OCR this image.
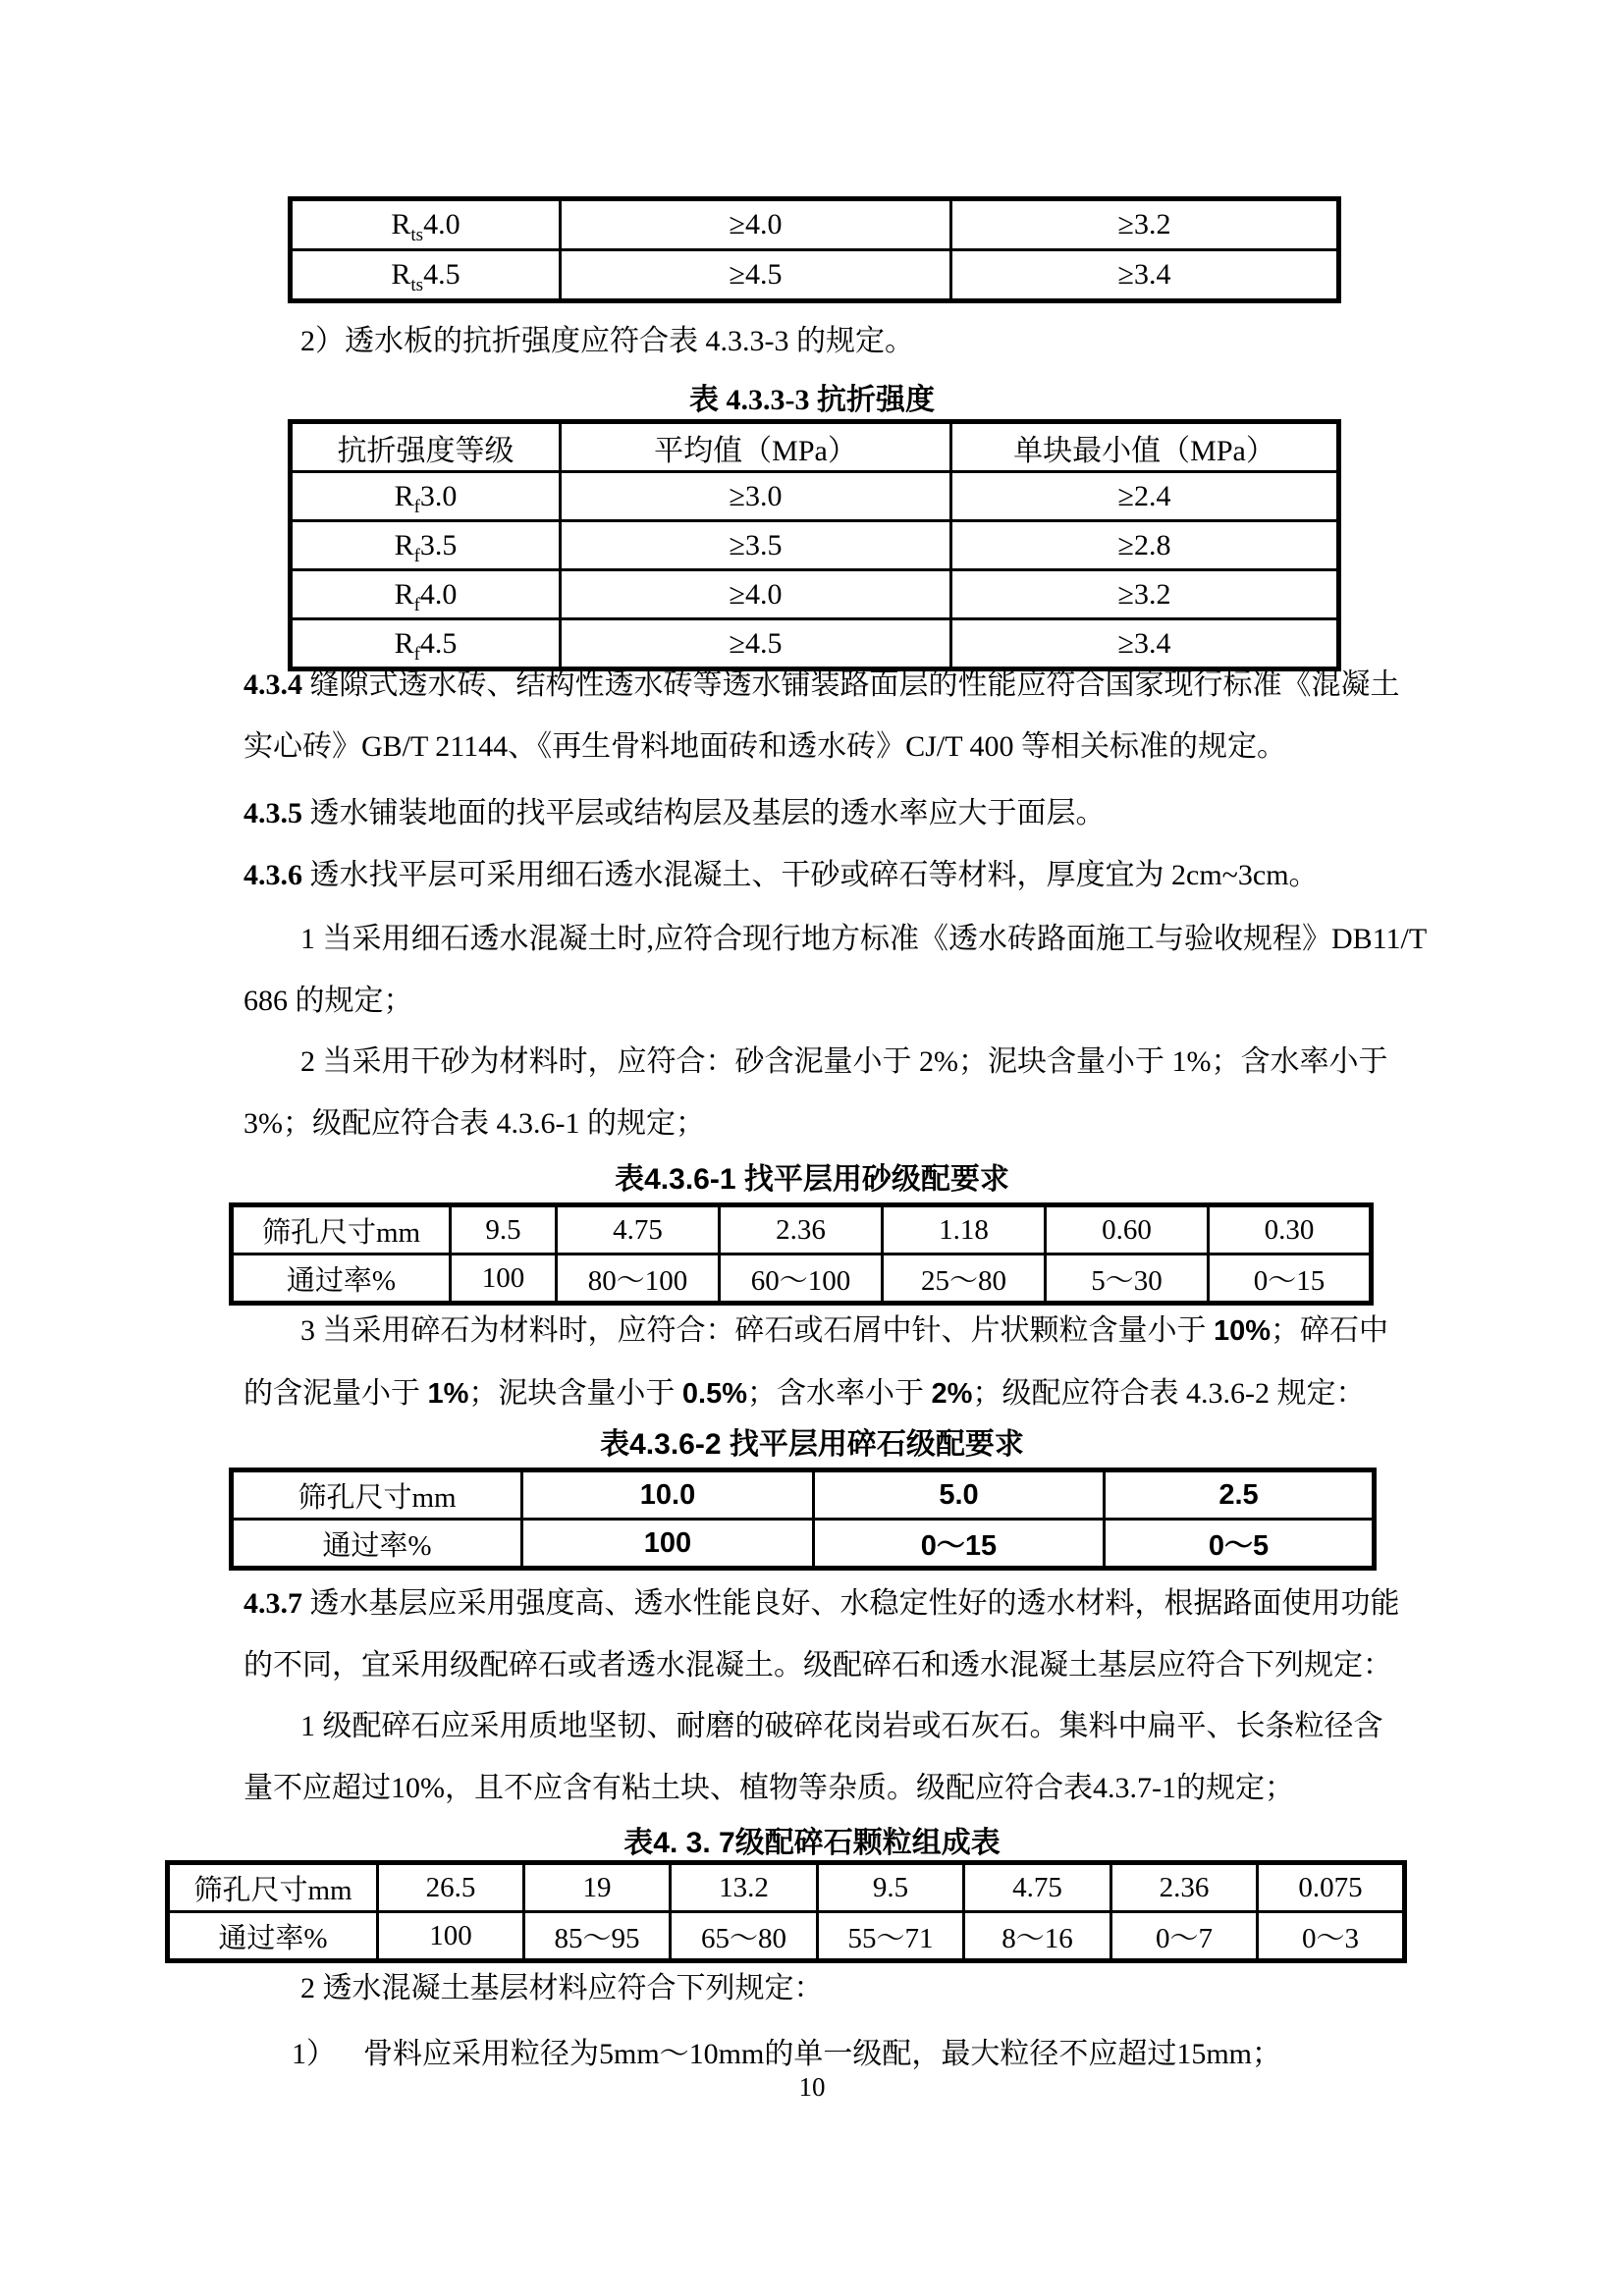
$R_{ts}4.0$	≥4.0	≥3.2
$R_{ts}4.5$	≥4.5	≥3.4
2）透水板的抗折强度应符合表 4.3.3-3 的规定。
表 4.3.3-3 抗折强度
抗折强度等级	平均值（MPa）	单块最小值（MPa）
$R_f3.0$	≥3.0	≥2.4
$R_f3.5$	≥3.5	≥2.8
$R_f4.0$	≥4.0	≥3.2
$R_f4.5$	≥4.5	≥3.4
4.3.4 缝隙式透水砖、结构性透水砖等透水铺装路面层的性能应符合国家现行标准《混凝土
实心砖》GB/T 21144、《再生骨料地面砖和透水砖》CJ/T 400 等相关标准的规定。
4.3.5 透水铺装地面的找平层或结构层及基层的透水率应大于面层。
4.3.6 透水找平层可采用细石透水混凝土、干砂或碎石等材料，厚度宜为 2cm~3cm。
1 当采用细石透水混凝土时,应符合现行地方标准《透水砖路面施工与验收规程》DB11/T
686 的规定；
2 当采用干砂为材料时，应符合：砂含泥量小于 2%；泥块含量小于 1%；含水率小于
3%；级配应符合表 4.3.6-1 的规定；
表4.3.6-1 找平层用砂级配要求
筛孔尺寸mm	9.5	4.75	2.36	1.18	0.60	0.30
通过率%	100	80～100	60～100	25～80	5～30	0～15
3 当采用碎石为材料时，应符合：碎石或石屑中针、片状颗粒含量小于 10%；碎石中
的含泥量小于 1%；泥块含量小于 0.5%；含水率小于 2%；级配应符合表 4.3.6-2 规定：
表4.3.6-2 找平层用碎石级配要求
筛孔尺寸mm	10.0	5.0	2.5
通过率%	100	0～15	0～5
4.3.7 透水基层应采用强度高、透水性能良好、水稳定性好的透水材料，根据路面使用功能
的不同，宜采用级配碎石或者透水混凝土。级配碎石和透水混凝土基层应符合下列规定：
1 级配碎石应采用质地坚韧、耐磨的破碎花岗岩或石灰石。集料中扁平、长条粒径含
量不应超过10%，且不应含有粘土块、植物等杂质。级配应符合表4.3.7-1的规定；
表4. 3. 7级配碎石颗粒组成表
筛孔尺寸mm	26.5	19	13.2	9.5	4.75	2.36	0.075
通过率%	100	85～95	65～80	55～71	8～16	0～7	0～3
2 透水混凝土基层材料应符合下列规定：
1） 骨料应采用粒径为5mm～10mm的单一级配，最大粒径不应超过15mm；
10
